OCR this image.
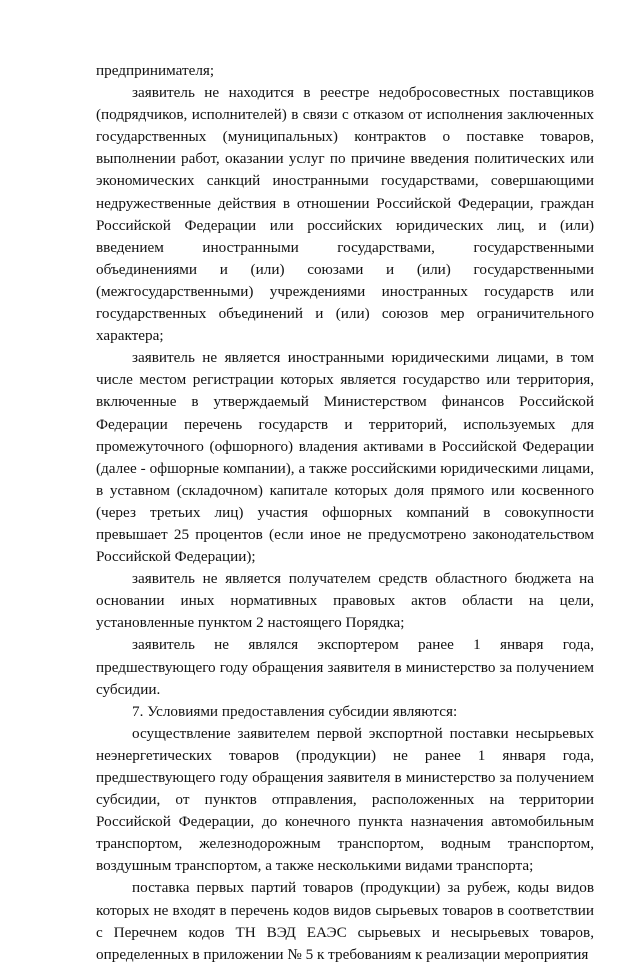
предпринимателя;

заявитель не находится в реестре недобросовестных поставщиков (подрядчиков, исполнителей) в связи с отказом от исполнения заключенных государственных (муниципальных) контрактов о поставке товаров, выполнении работ, оказании услуг по причине введения политических или экономических санкций иностранными государствами, совершающими недружественные действия в отношении Российской Федерации, граждан Российской Федерации или российских юридических лиц, и (или) введением иностранными государствами, государственными объединениями и (или) союзами и (или) государственными (межгосударственными) учреждениями иностранных государств или государственных объединений и (или) союзов мер ограничительного характера;

заявитель не является иностранными юридическими лицами, в том числе местом регистрации которых является государство или территория, включенные в утверждаемый Министерством финансов Российской Федерации перечень государств и территорий, используемых для промежуточного (офшорного) владения активами в Российской Федерации (далее - офшорные компании), а также российскими юридическими лицами, в уставном (складочном) капитале которых доля прямого или косвенного (через третьих лиц) участия офшорных компаний в совокупности превышает 25 процентов (если иное не предусмотрено законодательством Российской Федерации);

заявитель не является получателем средств областного бюджета на основании иных нормативных правовых актов области на цели, установленные пунктом 2 настоящего Порядка;

заявитель не являлся экспортером ранее 1 января года, предшествующего году обращения заявителя в министерство за получением субсидии.

7. Условиями предоставления субсидии являются:

осуществление заявителем первой экспортной поставки несырьевых неэнергетических товаров (продукции) не ранее 1 января года, предшествующего году обращения заявителя в министерство за получением субсидии, от пунктов отправления, расположенных на территории Российской Федерации, до конечного пункта назначения автомобильным транспортом, железнодорожным транспортом, водным транспортом, воздушным транспортом, а также несколькими видами транспорта;

поставка первых партий товаров (продукции) за рубеж, коды видов которых не входят в перечень кодов видов сырьевых товаров в соответствии с Перечнем кодов ТН ВЭД ЕАЭС сырьевых и несырьевых товаров, определенных в приложении № 5 к требованиям к реализации мероприятия
